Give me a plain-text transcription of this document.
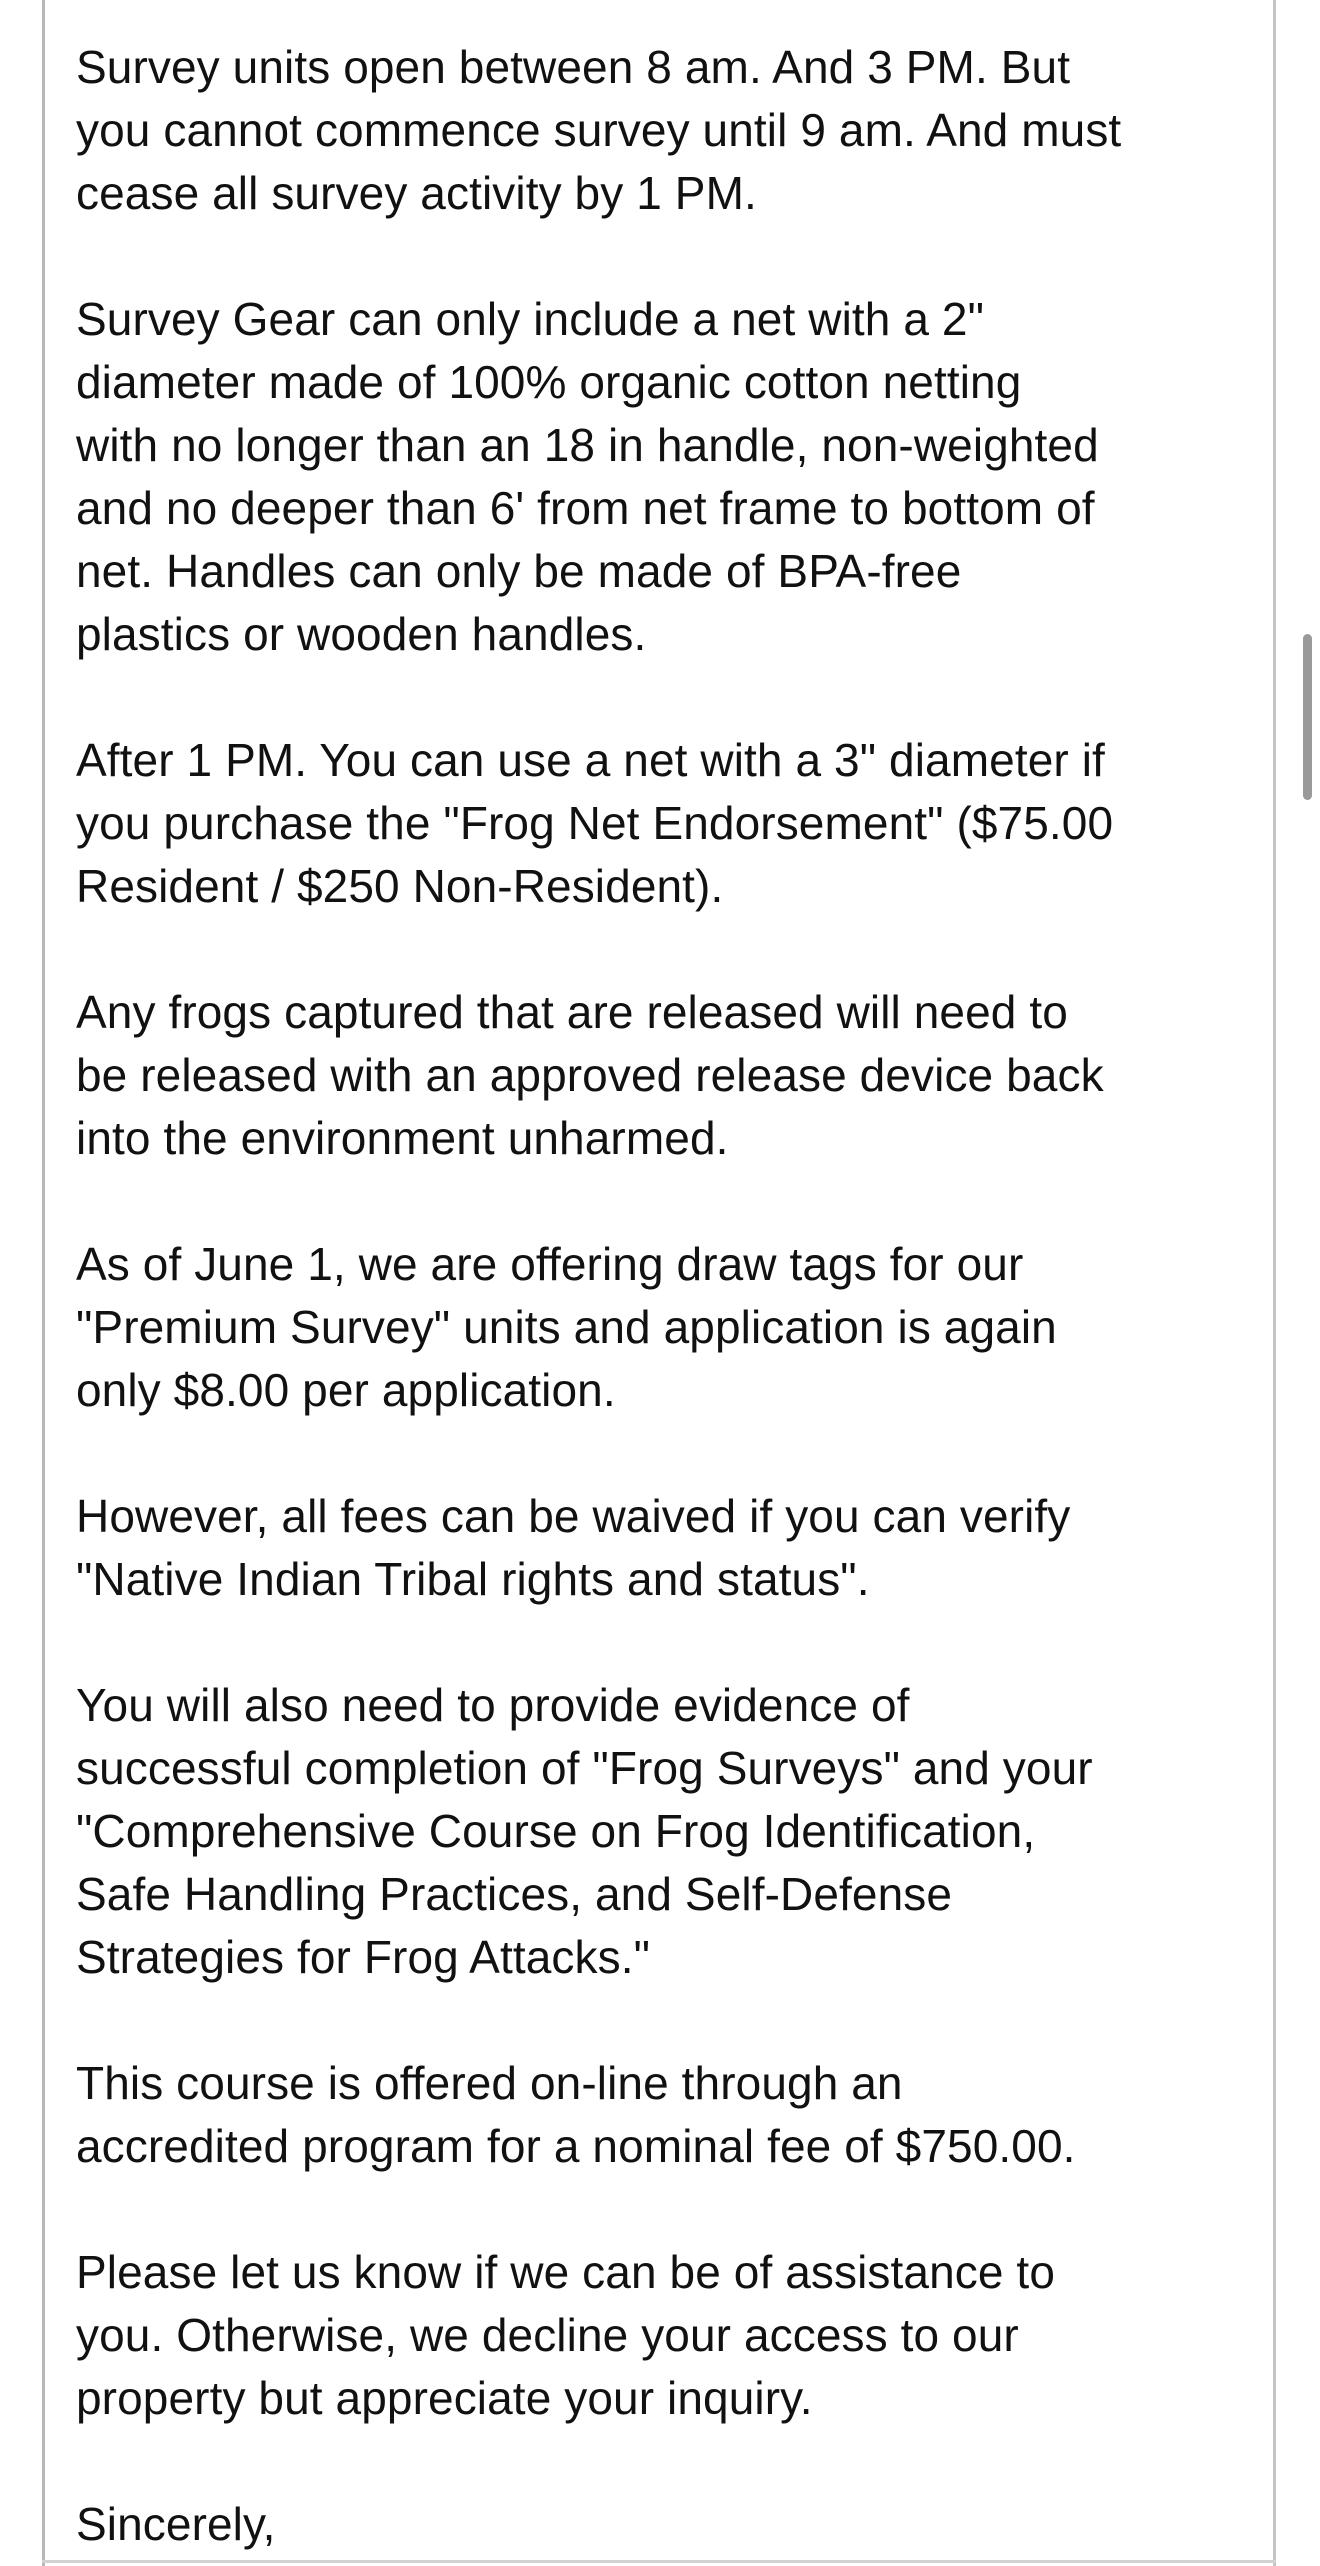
Survey units open between 8 am. And 3 PM. But
you cannot commence survey until 9 am. And must
cease all survey activity by 1 PM.

Survey Gear can only include a net with a 2"
diameter made of 100% organic cotton netting
with no longer than an 18 in handle, non-weighted
and no deeper than 6' from net frame to bottom of
net. Handles can only be made of BPA-free
plastics or wooden handles.

After 1 PM. You can use a net with a 3" diameter if
you purchase the "Frog Net Endorsement" ($75.00
Resident / $250 Non-Resident).

Any frogs captured that are released will need to
be released with an approved release device back
into the environment unharmed.

As of June 1, we are offering draw tags for our
"Premium Survey" units and application is again
only $8.00 per application.

However, all fees can be waived if you can verify
"Native Indian Tribal rights and status".

You will also need to provide evidence of
successful completion of "Frog Surveys" and your
"Comprehensive Course on Frog Identification,
Safe Handling Practices, and Self-Defense
Strategies for Frog Attacks."

This course is offered on-line through an
accredited program for a nominal fee of $750.00.

Please let us know if we can be of assistance to
you. Otherwise, we decline your access to our
property but appreciate your inquiry.

Sincerely,
